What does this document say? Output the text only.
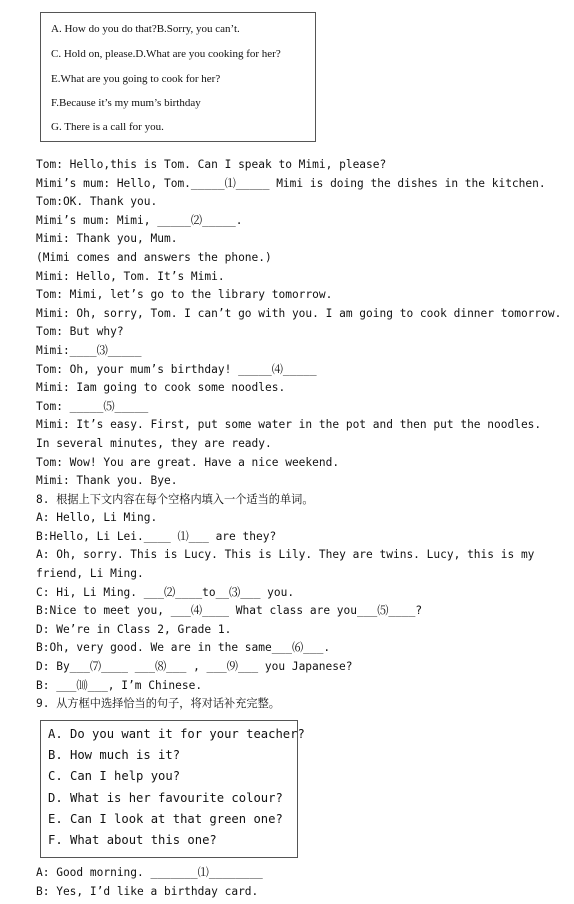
A. How do you do that?B.Sorry, you can’t.
C. Hold on, please.D.What are you cooking for her?
E.What are you going to cook for her?
F.Because it’s my mum’s birthday
G. There is a call for you.
Tom: Hello,this is Tom. Can I speak to Mimi, please?
Mimi’s mum: Hello, Tom._____⑴_____ Mimi is doing the dishes in the kitchen.
Tom:OK. Thank you.
Mimi’s mum: Mimi, _____⑵_____.
Mimi: Thank you, Mum.
(Mimi comes and answers the phone.)
Mimi: Hello, Tom. It’s Mimi.
Tom: Mimi, let’s go to the library tomorrow.
Mimi: Oh, sorry, Tom. I can’t go with you. I am going to cook dinner tomorrow.
Tom: But why?
Mimi:____⑶_____
Tom: Oh, your mum’s birthday! _____⑷_____
Mimi: Iam going to cook some noodles.
Tom: _____⑸_____
Mimi: It’s easy. First, put some water in the pot and then put the noodles.
In several minutes, they are ready.
Tom: Wow! You are great. Have a nice weekend.
Mimi: Thank you. Bye.
8. 根据上下文内容在每个空格内填入一个适当的单词。
A: Hello, Li Ming.
B:Hello, Li Lei.____ ⑴___ are they?
A: Oh, sorry. This is Lucy. This is Lily. They are twins. Lucy, this is my friend, Li Ming.
C: Hi, Li Ming. ___⑵____to__⑶___ you.
B:Nice to meet you, ___⑷____ What class are you___⑸____?
D: We’re in Class 2, Grade 1.
B:Oh, very good. We are in the same___⑹___.
D: By___⑺____ ___⑻___ , ___⑼___ you Japanese?
B: ___⑽___, I’m Chinese.
9. 从方框中选择恰当的句子，将对话补充完整。
A. Do you want it for your teacher?
B. How much is it?
C. Can I help you?
D. What is her favourite colour?
E. Can I look at that green one?
F. What about this one?
A: Good morning. _______⑴________
B: Yes, I’d like a birthday card.
